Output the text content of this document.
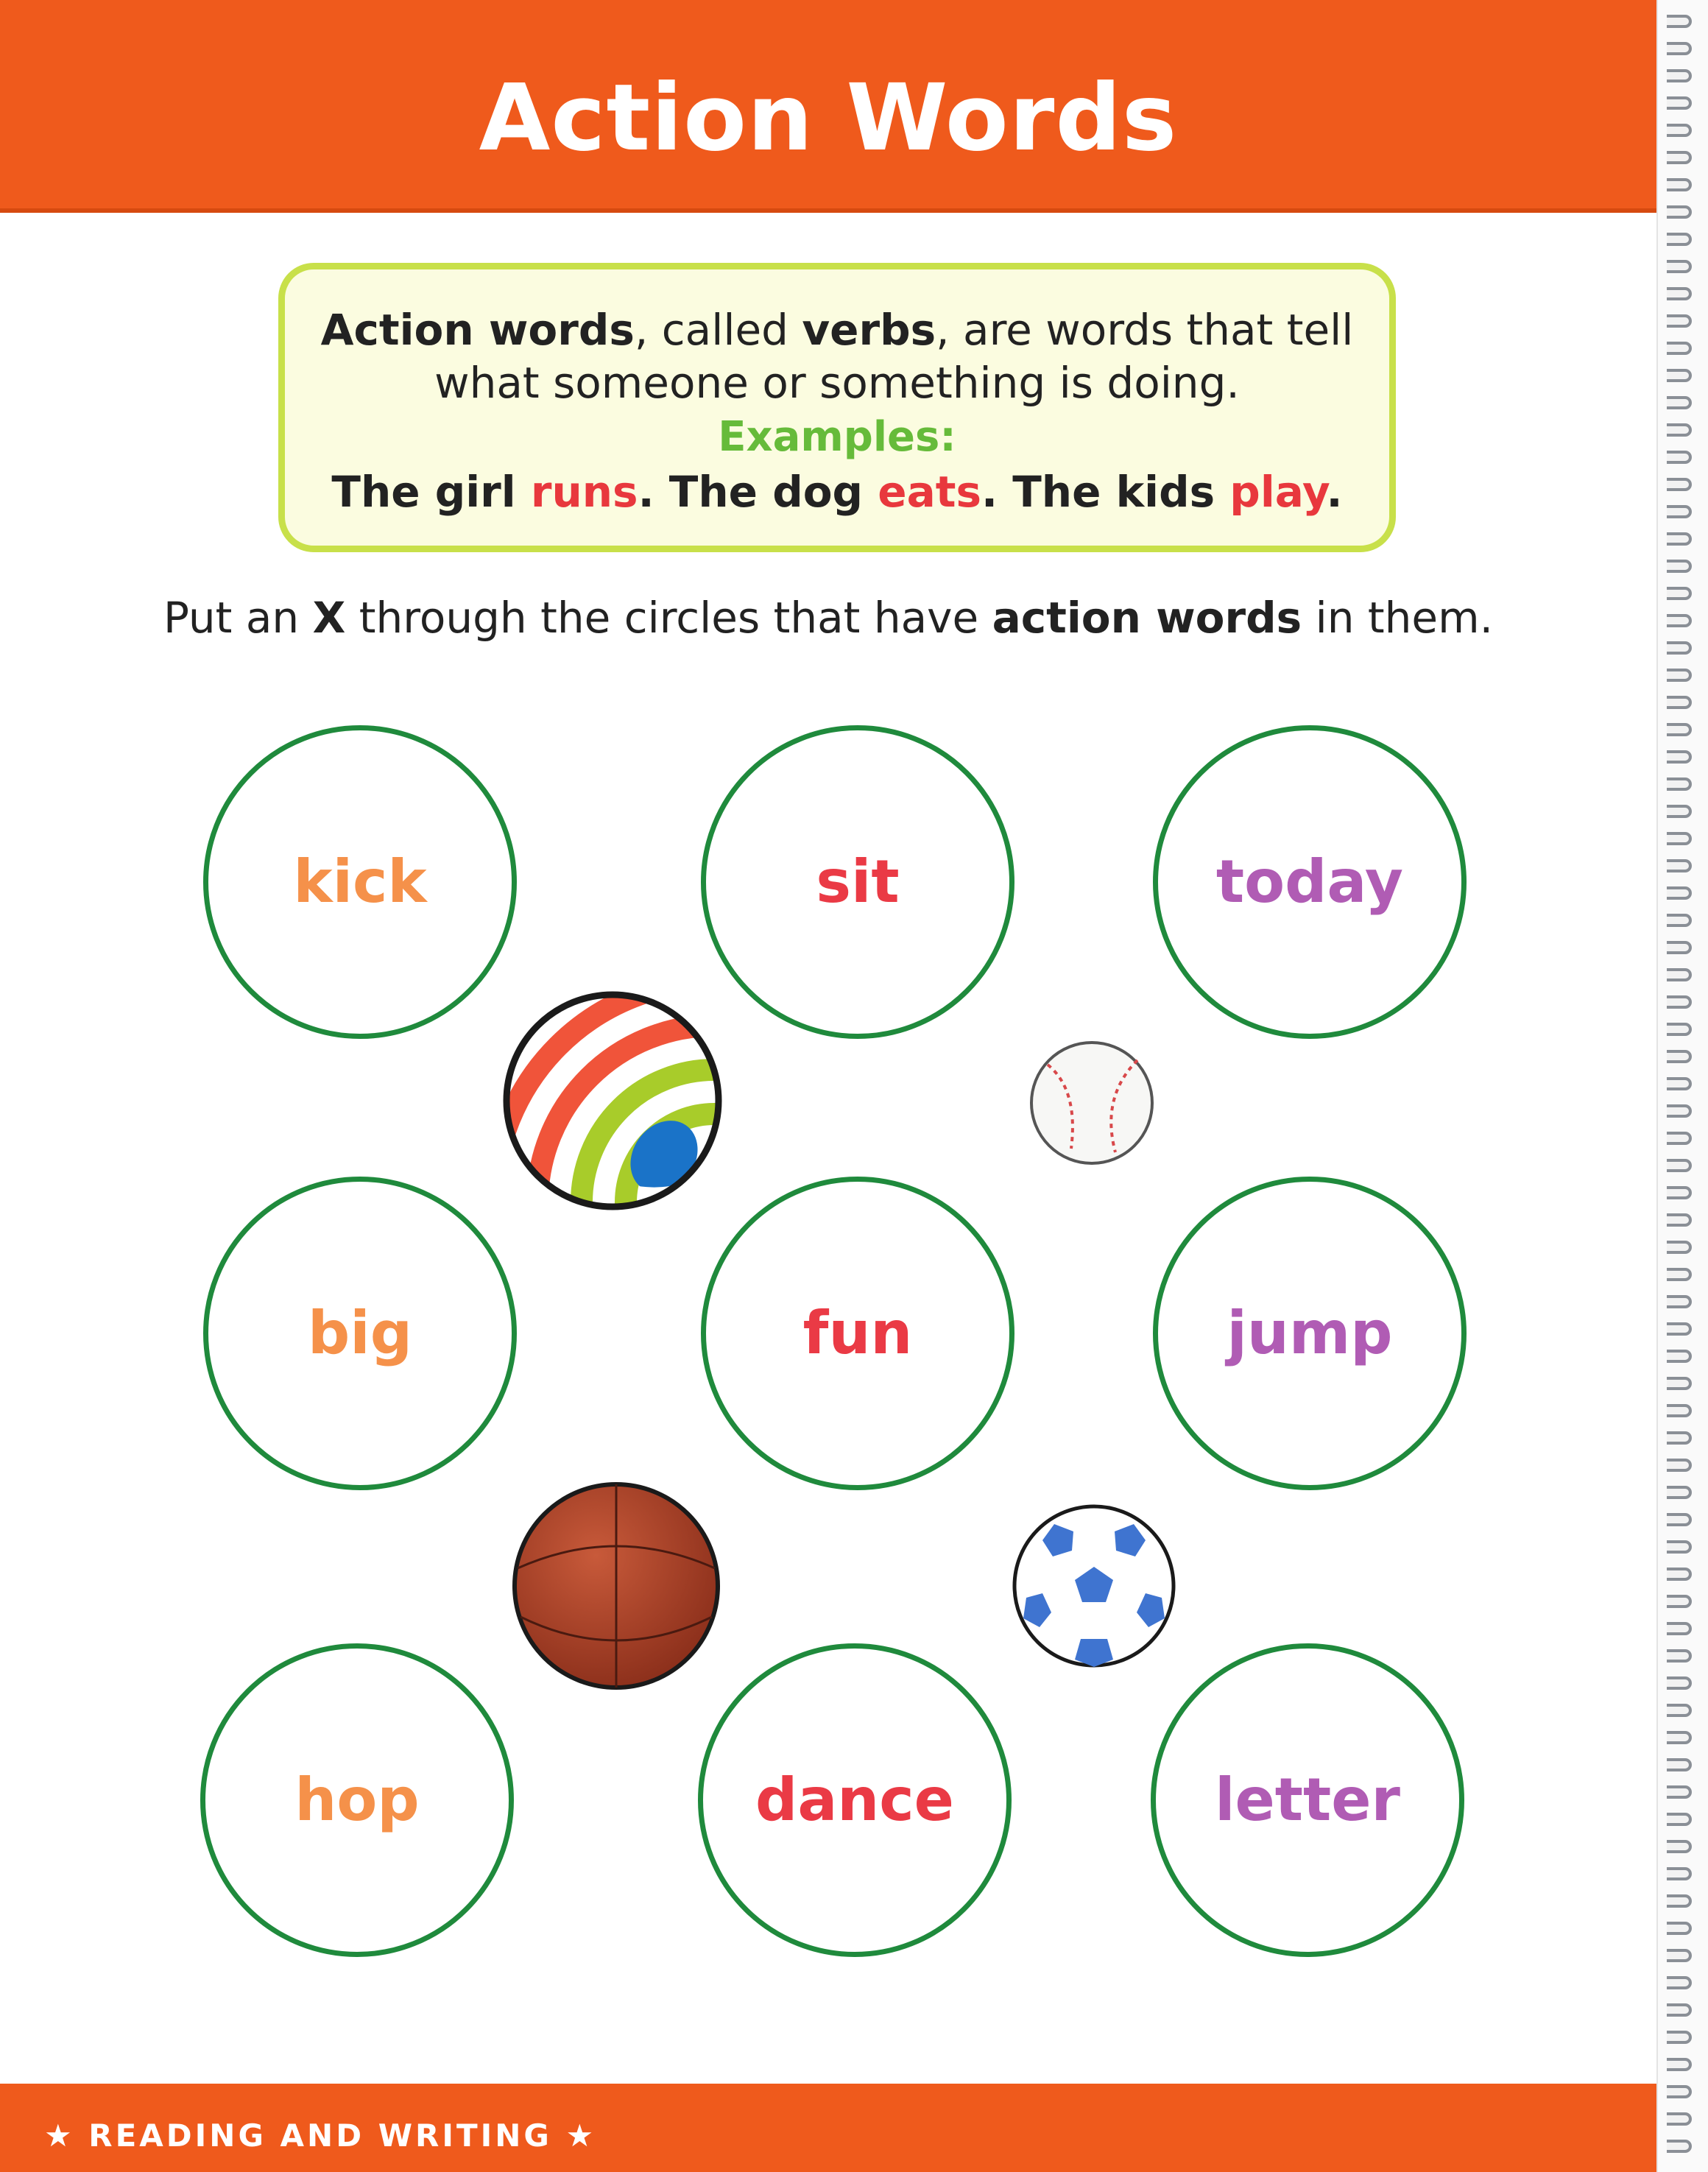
Action Words
Action words, called verbs, are words that tell
what someone or something is doing.
Examples:
The girl runs. The dog eats. The kids play.
Put an X through the circles that have action words in them.
kick	sit	today
big	fun	jump
hop	dance	letter
★ READING AND WRITING ★
